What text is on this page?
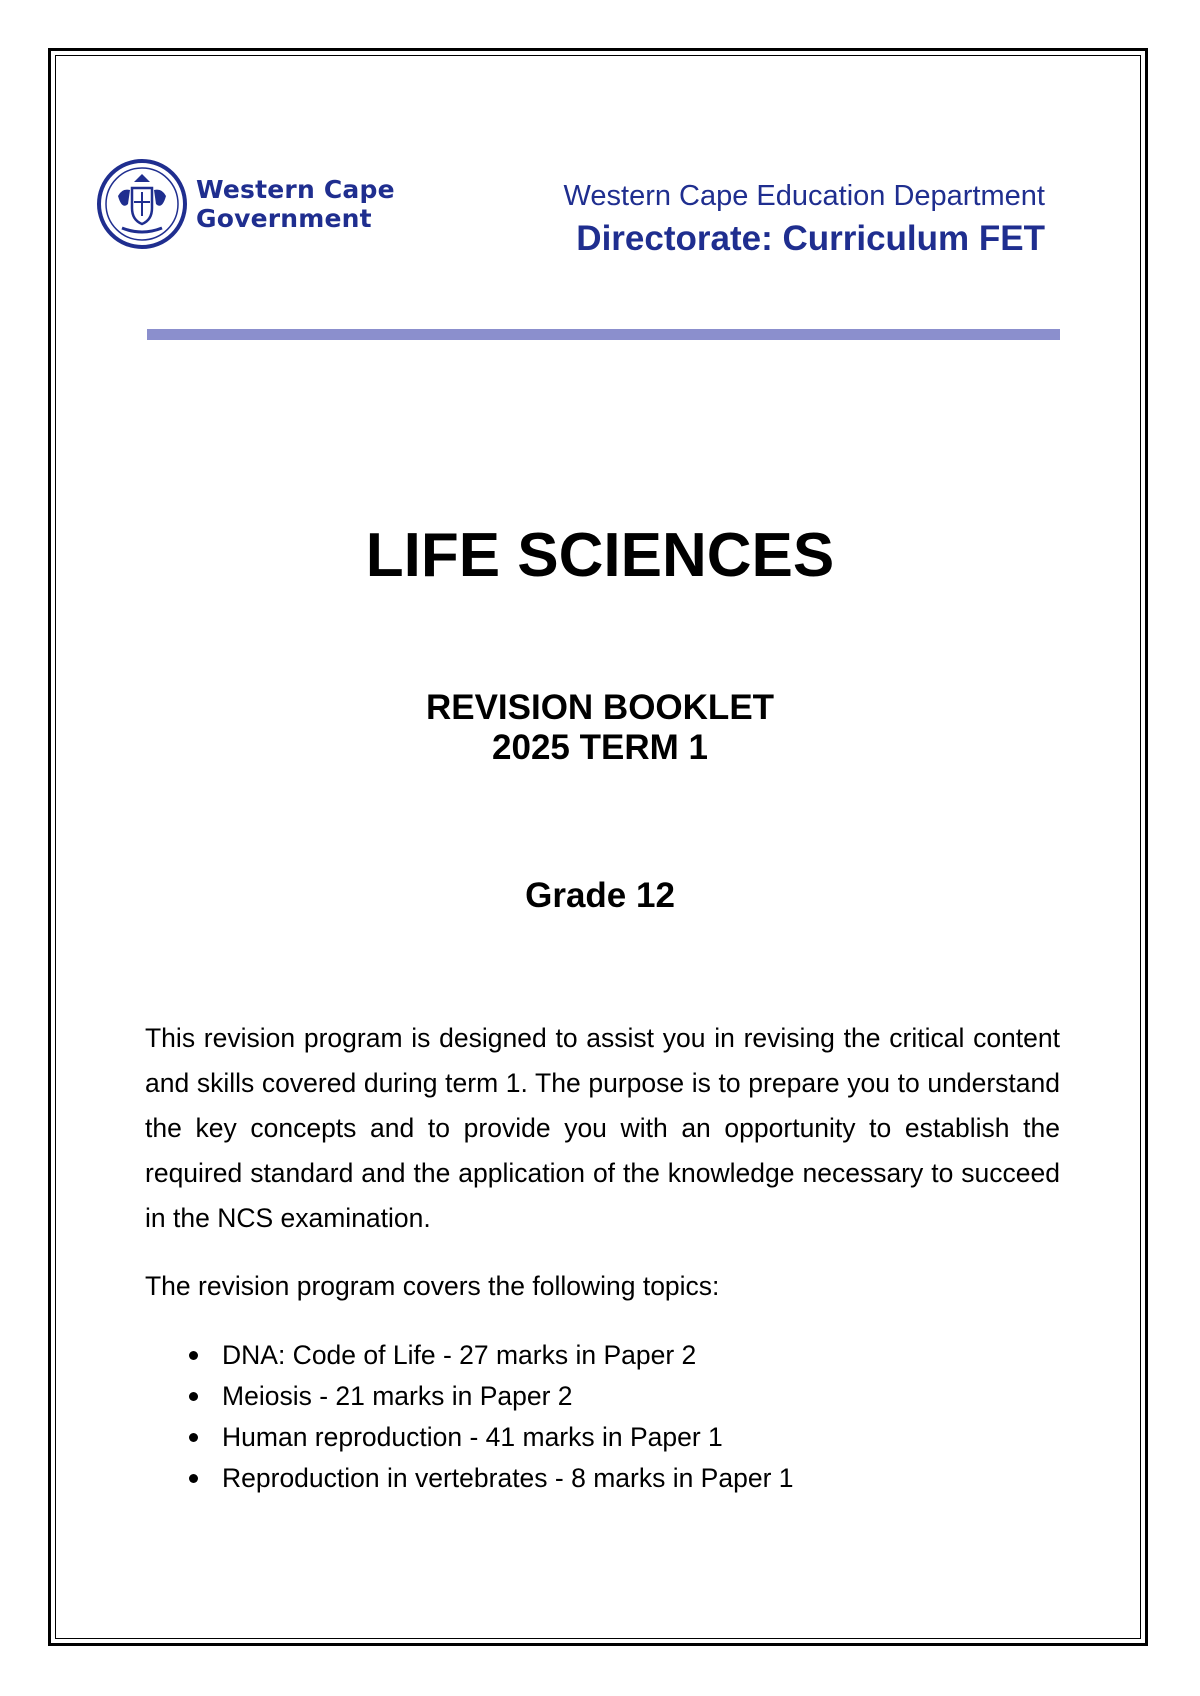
Western Cape
Government
Western Cape Education Department
Directorate: Curriculum FET
LIFE SCIENCES
REVISION BOOKLET
2025 TERM 1
Grade 12

This revision program is designed to assist you in revising the critical content and skills covered during term 1. The purpose is to prepare you to understand the key concepts and to provide you with an opportunity to establish the required standard and the application of the knowledge necessary to succeed in the NCS examination.

The revision program covers the following topics:

DNA: Code of Life - 27 marks in Paper 2
Meiosis - 21 marks in Paper 2
Human reproduction - 41 marks in Paper 1
Reproduction in vertebrates - 8 marks in Paper 1
